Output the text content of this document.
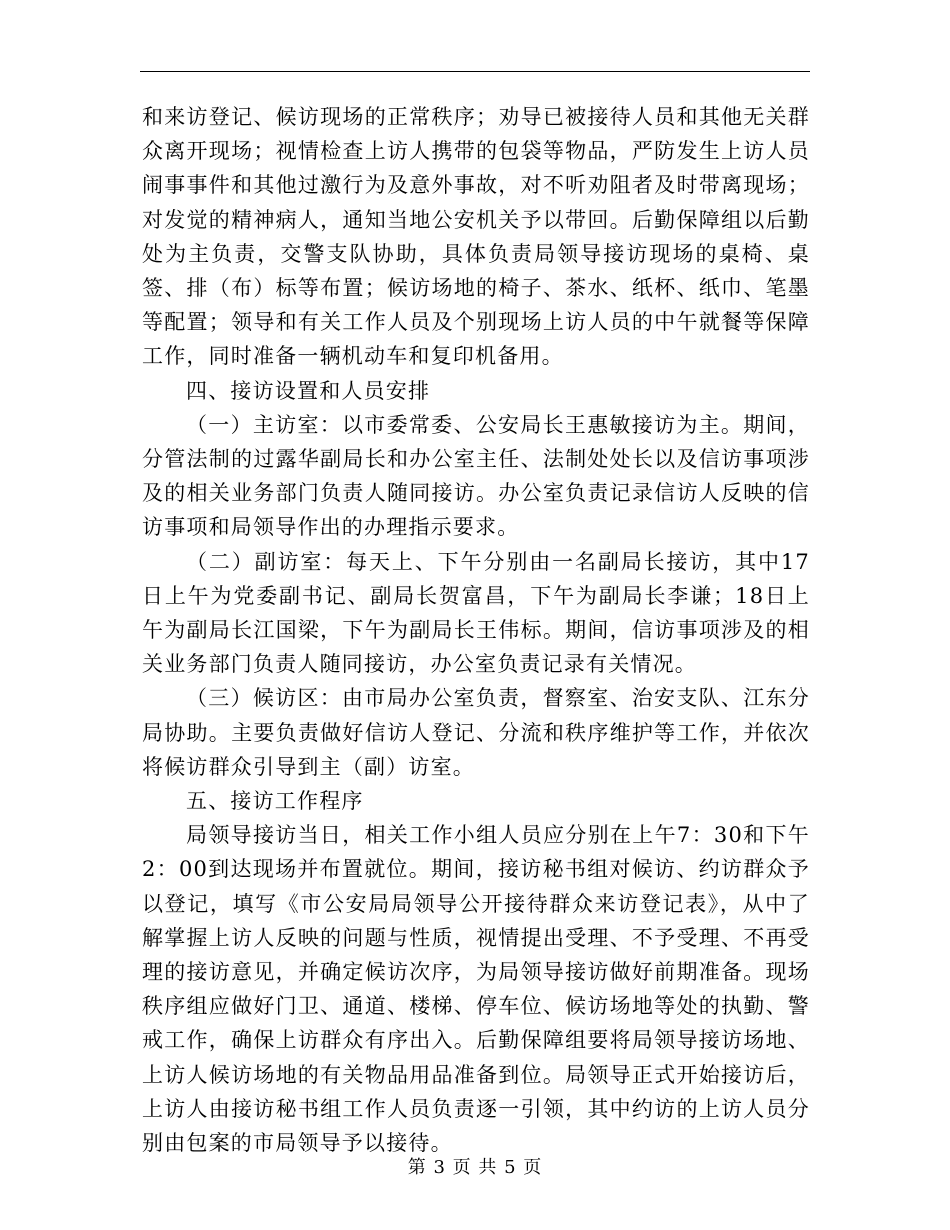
和来访登记、候访现场的正常秩序；劝导已被接待人员和其他无关群众离开现场；视情检查上访人携带的包袋等物品，严防发生上访人员闹事事件和其他过激行为及意外事故，对不听劝阻者及时带离现场；对发觉的精神病人，通知当地公安机关予以带回。后勤保障组以后勤处为主负责，交警支队协助，具体负责局领导接访现场的桌椅、桌签、排（布）标等布置；候访场地的椅子、茶水、纸杯、纸巾、笔墨等配置；领导和有关工作人员及个别现场上访人员的中午就餐等保障工作，同时准备一辆机动车和复印机备用。

四、接访设置和人员安排

（一）主访室：以市委常委、公安局长王惠敏接访为主。期间，分管法制的过露华副局长和办公室主任、法制处处长以及信访事项涉及的相关业务部门负责人随同接访。办公室负责记录信访人反映的信访事项和局领导作出的办理指示要求。

（二）副访室：每天上、下午分别由一名副局长接访，其中17日上午为党委副书记、副局长贺富昌，下午为副局长李谦；18日上午为副局长江国梁，下午为副局长王伟标。期间，信访事项涉及的相关业务部门负责人随同接访，办公室负责记录有关情况。

（三）候访区：由市局办公室负责，督察室、治安支队、江东分局协助。主要负责做好信访人登记、分流和秩序维护等工作，并依次将候访群众引导到主（副）访室。

五、接访工作程序

局领导接访当日，相关工作小组人员应分别在上午7：30和下午2：00到达现场并布置就位。期间，接访秘书组对候访、约访群众予以登记，填写《市公安局局领导公开接待群众来访登记表》，从中了解掌握上访人反映的问题与性质，视情提出受理、不予受理、不再受理的接访意见，并确定候访次序，为局领导接访做好前期准备。现场秩序组应做好门卫、通道、楼梯、停车位、候访场地等处的执勤、警戒工作，确保上访群众有序出入。后勤保障组要将局领导接访场地、上访人候访场地的有关物品用品准备到位。局领导正式开始接访后，上访人由接访秘书组工作人员负责逐一引领，其中约访的上访人员分别由包案的市局领导予以接待。

第 3 页 共 5 页
